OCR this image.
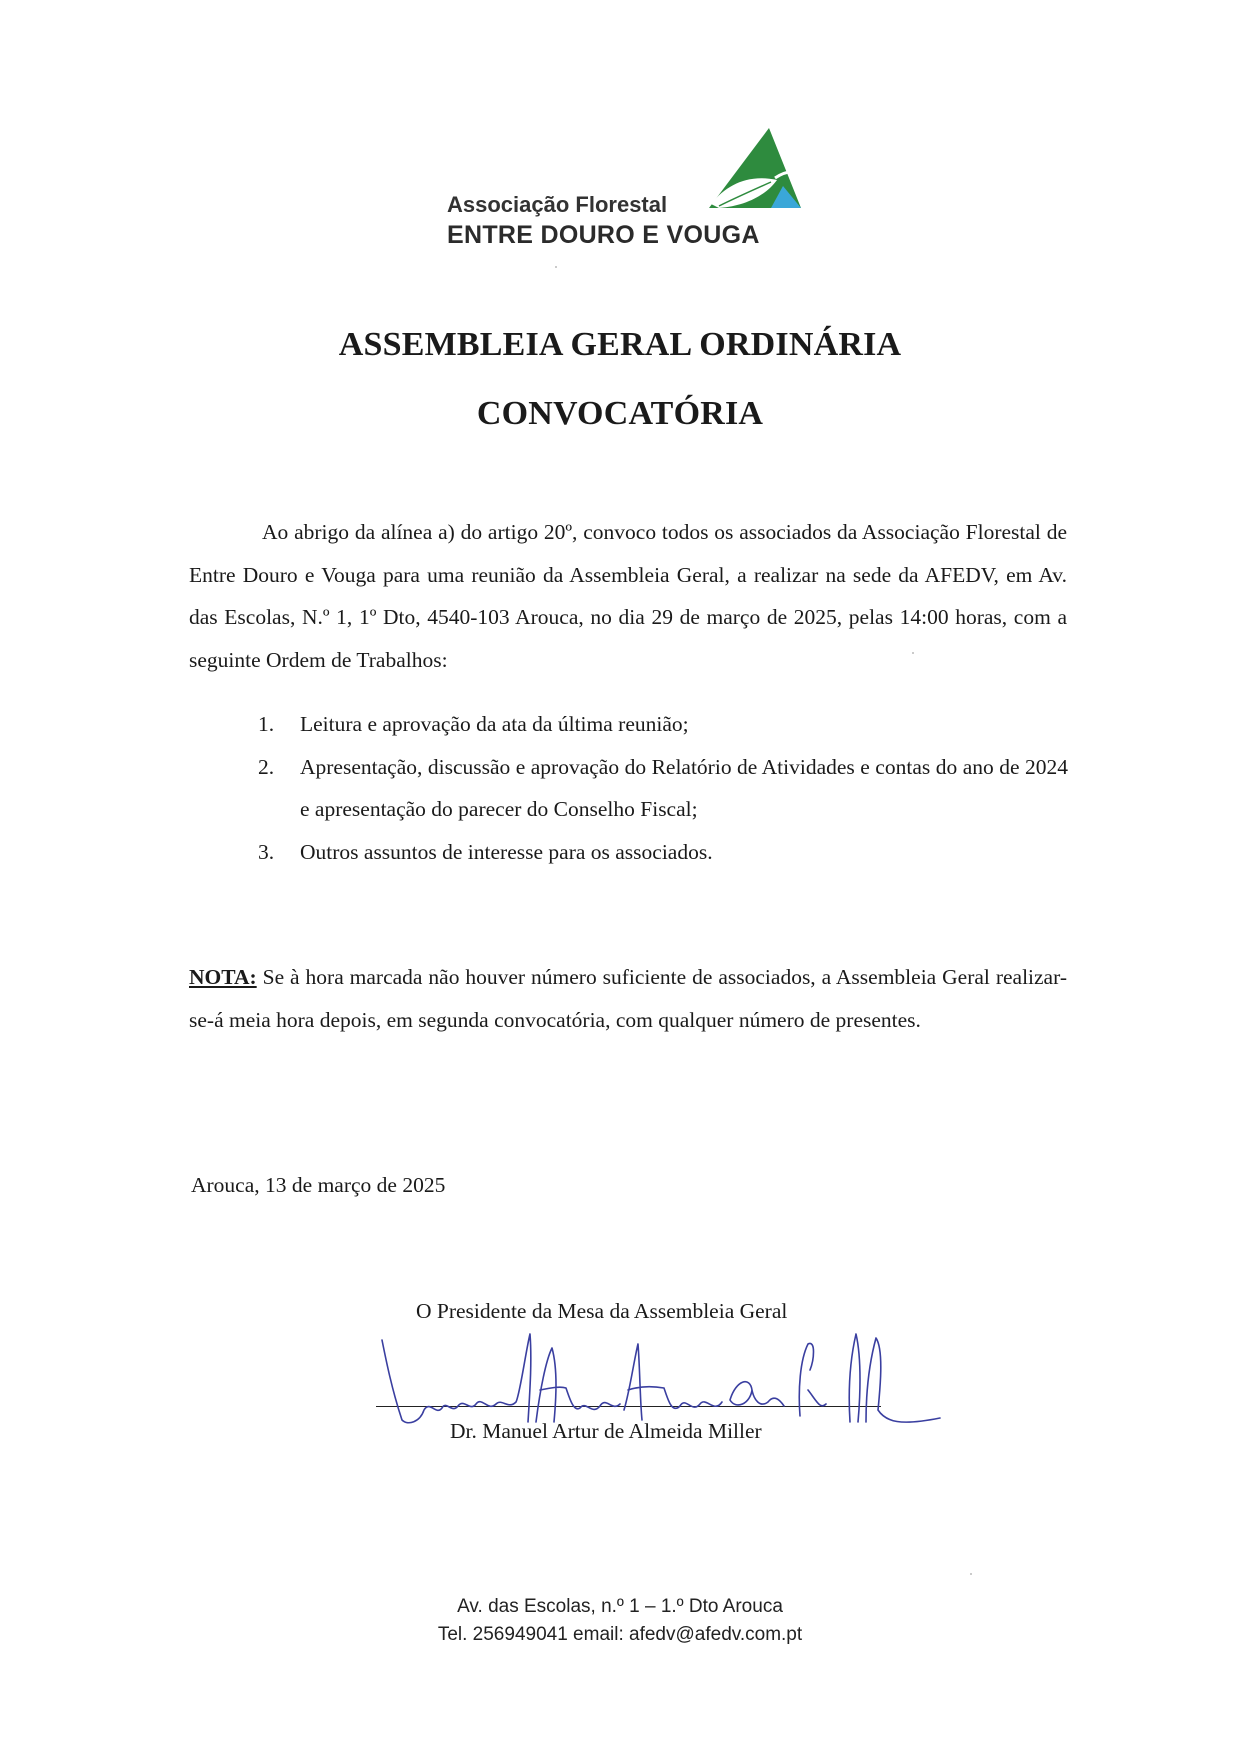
Associação Florestal
ENTRE DOURO E VOUGA
ASSEMBLEIA GERAL ORDINÁRIA
CONVOCATÓRIA
Ao abrigo da alínea a) do artigo 20º, convoco todos os associados da Associação Florestal de Entre Douro e Vouga para uma reunião da Assembleia Geral, a realizar na sede da AFEDV, em Av. das Escolas, N.º 1, 1º Dto, 4540-103 Arouca, no dia 29 de março de 2025, pelas 14:00 horas, com a seguinte Ordem de Trabalhos:
1. Leitura e aprovação da ata da última reunião;
2. Apresentação, discussão e aprovação do Relatório de Atividades e contas do ano de 2024 e apresentação do parecer do Conselho Fiscal;
3. Outros assuntos de interesse para os associados.
NOTA: Se à hora marcada não houver número suficiente de associados, a Assembleia Geral realizar-se-á meia hora depois, em segunda convocatória, com qualquer número de presentes.
Arouca, 13 de março de 2025
O Presidente da Mesa da Assembleia Geral
Dr. Manuel Artur de Almeida Miller
Av. das Escolas, n.º 1 – 1.º Dto Arouca
Tel. 256949041 email: afedv@afedv.com.pt
